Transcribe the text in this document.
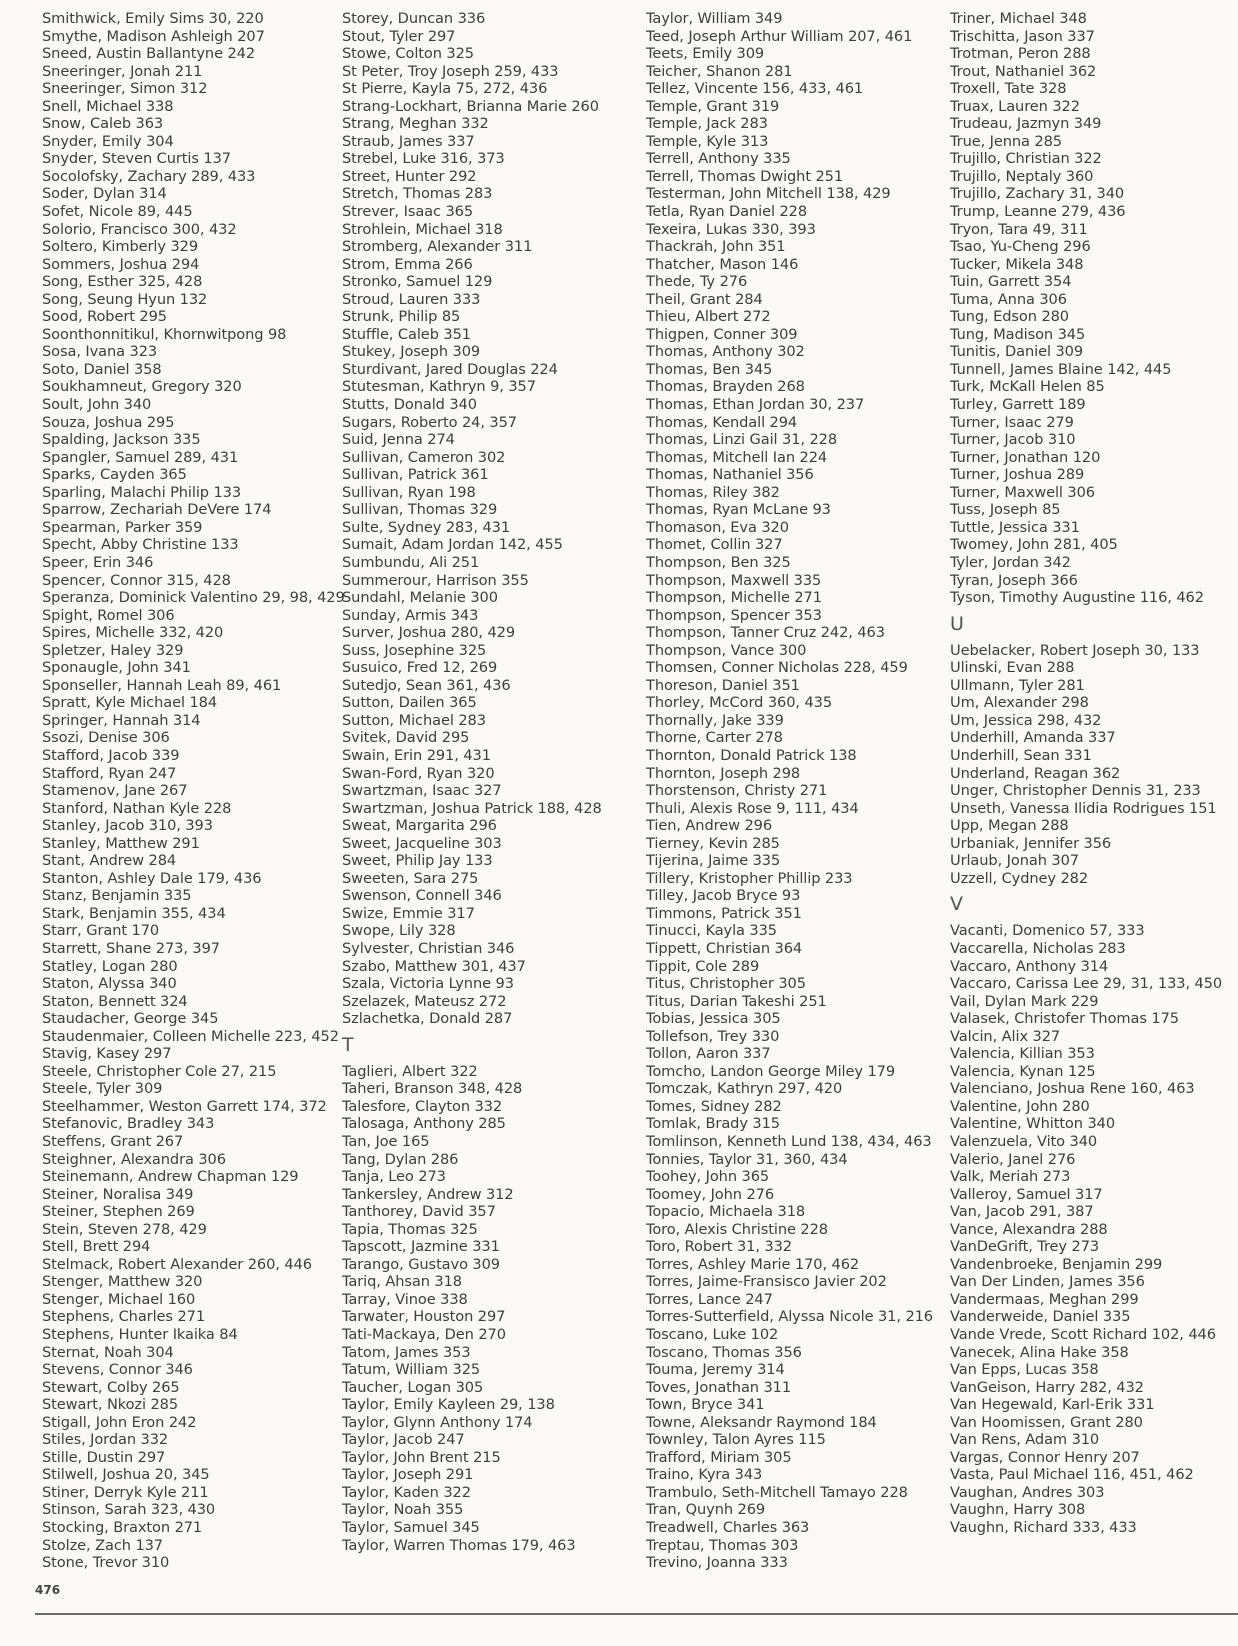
Smithwick, Emily Sims 30, 220
Smythe, Madison Ashleigh 207
Sneed, Austin Ballantyne 242
Sneeringer, Jonah 211
Sneeringer, Simon 312
Snell, Michael 338
Snow, Caleb 363
Snyder, Emily 304
Snyder, Steven Curtis 137
Socolofsky, Zachary 289, 433
Soder, Dylan 314
Sofet, Nicole 89, 445
Solorio, Francisco 300, 432
Soltero, Kimberly 329
Sommers, Joshua 294
Song, Esther 325, 428
Song, Seung Hyun 132
Sood, Robert 295
Soonthonnitikul, Khornwitpong 98
Sosa, Ivana 323
Soto, Daniel 358
Soukhamneut, Gregory 320
Soult, John 340
Souza, Joshua 295
Spalding, Jackson 335
Spangler, Samuel 289, 431
Sparks, Cayden 365
Sparling, Malachi Philip 133
Sparrow, Zechariah DeVere 174
Spearman, Parker 359
Specht, Abby Christine 133
Speer, Erin 346
Spencer, Connor 315, 428
Speranza, Dominick Valentino 29, 98, 429
Spight, Romel 306
Spires, Michelle 332, 420
Spletzer, Haley 329
Sponaugle, John 341
Sponseller, Hannah Leah 89, 461
Spratt, Kyle Michael 184
Springer, Hannah 314
Ssozi, Denise 306
Stafford, Jacob 339
Stafford, Ryan 247
Stamenov, Jane 267
Stanford, Nathan Kyle 228
Stanley, Jacob 310, 393
Stanley, Matthew 291
Stant, Andrew 284
Stanton, Ashley Dale 179, 436
Stanz, Benjamin 335
Stark, Benjamin 355, 434
Starr, Grant 170
Starrett, Shane 273, 397
Statley, Logan 280
Staton, Alyssa 340
Staton, Bennett 324
Staudacher, George 345
Staudenmaier, Colleen Michelle 223, 452
Stavig, Kasey 297
Steele, Christopher Cole 27, 215
Steele, Tyler 309
Steelhammer, Weston Garrett 174, 372
Stefanovic, Bradley 343
Steffens, Grant 267
Steighner, Alexandra 306
Steinemann, Andrew Chapman 129
Steiner, Noralisa 349
Steiner, Stephen 269
Stein, Steven 278, 429
Stell, Brett 294
Stelmack, Robert Alexander 260, 446
Stenger, Matthew 320
Stenger, Michael 160
Stephens, Charles 271
Stephens, Hunter Ikaika 84
Sternat, Noah 304
Stevens, Connor 346
Stewart, Colby 265
Stewart, Nkozi 285
Stigall, John Eron 242
Stiles, Jordan 332
Stille, Dustin 297
Stilwell, Joshua 20, 345
Stiner, Derryk Kyle 211
Stinson, Sarah 323, 430
Stocking, Braxton 271
Stolze, Zach 137
Stone, Trevor 310
Storey, Duncan 336
Stout, Tyler 297
Stowe, Colton 325
St Peter, Troy Joseph 259, 433
St Pierre, Kayla 75, 272, 436
Strang-Lockhart, Brianna Marie 260
Strang, Meghan 332
Straub, James 337
Strebel, Luke 316, 373
Street, Hunter 292
Stretch, Thomas 283
Strever, Isaac 365
Strohlein, Michael 318
Stromberg, Alexander 311
Strom, Emma 266
Stronko, Samuel 129
Stroud, Lauren 333
Strunk, Philip 85
Stuffle, Caleb 351
Stukey, Joseph 309
Sturdivant, Jared Douglas 224
Stutesman, Kathryn 9, 357
Stutts, Donald 340
Sugars, Roberto 24, 357
Suid, Jenna 274
Sullivan, Cameron 302
Sullivan, Patrick 361
Sullivan, Ryan 198
Sullivan, Thomas 329
Sulte, Sydney 283, 431
Sumait, Adam Jordan 142, 455
Sumbundu, Ali 251
Summerour, Harrison 355
Sundahl, Melanie 300
Sunday, Armis 343
Surver, Joshua 280, 429
Suss, Josephine 325
Susuico, Fred 12, 269
Sutedjo, Sean 361, 436
Sutton, Dailen 365
Sutton, Michael 283
Svitek, David 295
Swain, Erin 291, 431
Swan-Ford, Ryan 320
Swartzman, Isaac 327
Swartzman, Joshua Patrick 188, 428
Sweat, Margarita 296
Sweet, Jacqueline 303
Sweet, Philip Jay 133
Sweeten, Sara 275
Swenson, Connell 346
Swize, Emmie 317
Swope, Lily 328
Sylvester, Christian 346
Szabo, Matthew 301, 437
Szala, Victoria Lynne 93
Szelazek, Mateusz 272
Szlachetka, Donald 287
T
Taglieri, Albert 322
Taheri, Branson 348, 428
Talesfore, Clayton 332
Talosaga, Anthony 285
Tan, Joe 165
Tang, Dylan 286
Tanja, Leo 273
Tankersley, Andrew 312
Tanthorey, David 357
Tapia, Thomas 325
Tapscott, Jazmine 331
Tarango, Gustavo 309
Tariq, Ahsan 318
Tarray, Vinoe 338
Tarwater, Houston 297
Tati-Mackaya, Den 270
Tatom, James 353
Tatum, William 325
Taucher, Logan 305
Taylor, Emily Kayleen 29, 138
Taylor, Glynn Anthony 174
Taylor, Jacob 247
Taylor, John Brent 215
Taylor, Joseph 291
Taylor, Kaden 322
Taylor, Noah 355
Taylor, Samuel 345
Taylor, Warren Thomas 179, 463
Taylor, William 349
Teed, Joseph Arthur William 207, 461
Teets, Emily 309
Teicher, Shanon 281
Tellez, Vincente 156, 433, 461
Temple, Grant 319
Temple, Jack 283
Temple, Kyle 313
Terrell, Anthony 335
Terrell, Thomas Dwight 251
Testerman, John Mitchell 138, 429
Tetla, Ryan Daniel 228
Texeira, Lukas 330, 393
Thackrah, John 351
Thatcher, Mason 146
Thede, Ty 276
Theil, Grant 284
Thieu, Albert 272
Thigpen, Conner 309
Thomas, Anthony 302
Thomas, Ben 345
Thomas, Brayden 268
Thomas, Ethan Jordan 30, 237
Thomas, Kendall 294
Thomas, Linzi Gail 31, 228
Thomas, Mitchell Ian 224
Thomas, Nathaniel 356
Thomas, Riley 382
Thomas, Ryan McLane 93
Thomason, Eva 320
Thomet, Collin 327
Thompson, Ben 325
Thompson, Maxwell 335
Thompson, Michelle 271
Thompson, Spencer 353
Thompson, Tanner Cruz 242, 463
Thompson, Vance 300
Thomsen, Conner Nicholas 228, 459
Thoreson, Daniel 351
Thorley, McCord 360, 435
Thornally, Jake 339
Thorne, Carter 278
Thornton, Donald Patrick 138
Thornton, Joseph 298
Thorstenson, Christy 271
Thuli, Alexis Rose 9, 111, 434
Tien, Andrew 296
Tierney, Kevin 285
Tijerina, Jaime 335
Tillery, Kristopher Phillip 233
Tilley, Jacob Bryce 93
Timmons, Patrick 351
Tinucci, Kayla 335
Tippett, Christian 364
Tippit, Cole 289
Titus, Christopher 305
Titus, Darian Takeshi 251
Tobias, Jessica 305
Tollefson, Trey 330
Tollon, Aaron 337
Tomcho, Landon George Miley 179
Tomczak, Kathryn 297, 420
Tomes, Sidney 282
Tomlak, Brady 315
Tomlinson, Kenneth Lund 138, 434, 463
Tonnies, Taylor 31, 360, 434
Toohey, John 365
Toomey, John 276
Topacio, Michaela 318
Toro, Alexis Christine 228
Toro, Robert 31, 332
Torres, Ashley Marie 170, 462
Torres, Jaime-Fransisco Javier 202
Torres, Lance 247
Torres-Sutterfield, Alyssa Nicole 31, 216
Toscano, Luke 102
Toscano, Thomas 356
Touma, Jeremy 314
Toves, Jonathan 311
Town, Bryce 341
Towne, Aleksandr Raymond 184
Townley, Talon Ayres 115
Trafford, Miriam 305
Traino, Kyra 343
Trambulo, Seth-Mitchell Tamayo 228
Tran, Quynh 269
Treadwell, Charles 363
Treptau, Thomas 303
Trevino, Joanna 333
Triner, Michael 348
Trischitta, Jason 337
Trotman, Peron 288
Trout, Nathaniel 362
Troxell, Tate 328
Truax, Lauren 322
Trudeau, Jazmyn 349
True, Jenna 285
Trujillo, Christian 322
Trujillo, Neptaly 360
Trujillo, Zachary 31, 340
Trump, Leanne 279, 436
Tryon, Tara 49, 311
Tsao, Yu-Cheng 296
Tucker, Mikela 348
Tuin, Garrett 354
Tuma, Anna 306
Tung, Edson 280
Tung, Madison 345
Tunitis, Daniel 309
Tunnell, James Blaine 142, 445
Turk, McKall Helen 85
Turley, Garrett 189
Turner, Isaac 279
Turner, Jacob 310
Turner, Jonathan 120
Turner, Joshua 289
Turner, Maxwell 306
Tuss, Joseph 85
Tuttle, Jessica 331
Twomey, John 281, 405
Tyler, Jordan 342
Tyran, Joseph 366
Tyson, Timothy Augustine 116, 462
U
Uebelacker, Robert Joseph 30, 133
Ulinski, Evan 288
Ullmann, Tyler 281
Um, Alexander 298
Um, Jessica 298, 432
Underhill, Amanda 337
Underhill, Sean 331
Underland, Reagan 362
Unger, Christopher Dennis 31, 233
Unseth, Vanessa Ilidia Rodrigues 151
Upp, Megan 288
Urbaniak, Jennifer 356
Urlaub, Jonah 307
Uzzell, Cydney 282
V
Vacanti, Domenico 57, 333
Vaccarella, Nicholas 283
Vaccaro, Anthony 314
Vaccaro, Carissa Lee 29, 31, 133, 450
Vail, Dylan Mark 229
Valasek, Christofer Thomas 175
Valcin, Alix 327
Valencia, Killian 353
Valencia, Kynan 125
Valenciano, Joshua Rene 160, 463
Valentine, John 280
Valentine, Whitton 340
Valenzuela, Vito 340
Valerio, Janel 276
Valk, Meriah 273
Valleroy, Samuel 317
Van, Jacob 291, 387
Vance, Alexandra 288
VanDeGrift, Trey 273
Vandenbroeke, Benjamin 299
Van Der Linden, James 356
Vandermaas, Meghan 299
Vanderweide, Daniel 335
Vande Vrede, Scott Richard 102, 446
Vanecek, Alina Hake 358
Van Epps, Lucas 358
VanGeison, Harry 282, 432
Van Hegewald, Karl-Erik 331
Van Hoomissen, Grant 280
Van Rens, Adam 310
Vargas, Connor Henry 207
Vasta, Paul Michael 116, 451, 462
Vaughan, Andres 303
Vaughn, Harry 308
Vaughn, Richard 333, 433
476
